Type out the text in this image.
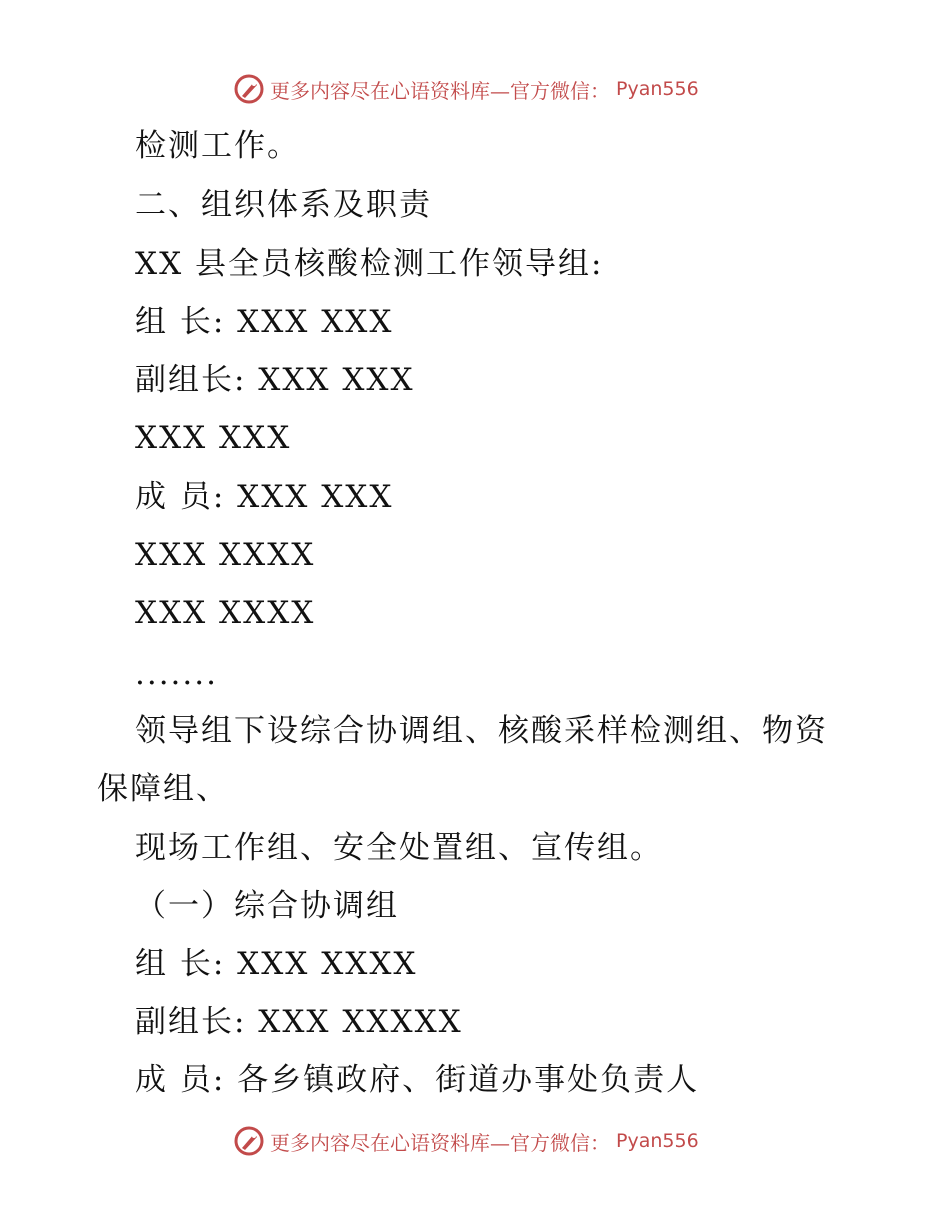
更多内容尽在心语资料库—官方微信： Pyan556
检测工作。
二、组织体系及职责
XX 县全员核酸检测工作领导组:
组 长: XXX XXX
副组长: XXX XXX
XXX XXX
成 员: XXX XXX
XXX XXXX
XXX XXXX
.......
领导组下设综合协调组、核酸采样检测组、物资
保障组、
现场工作组、安全处置组、宣传组。
（一）综合协调组
组 长: XXX XXXX
副组长: XXX XXXXX
成 员: 各乡镇政府、街道办事处负责人
更多内容尽在心语资料库—官方微信： Pyan556
